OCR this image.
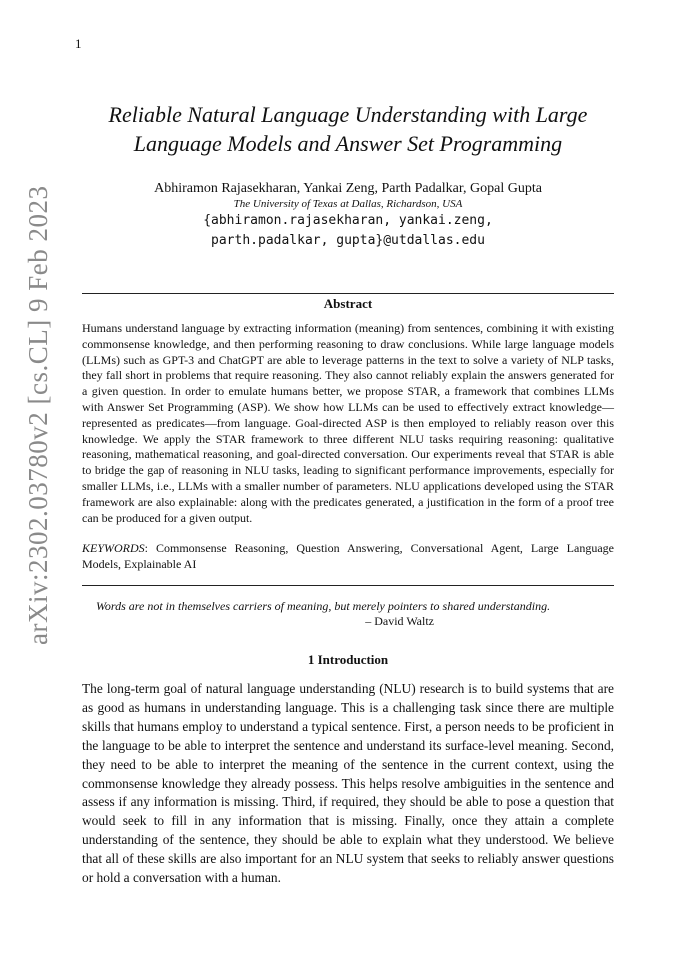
1
arXiv:2302.03780v2 [cs.CL] 9 Feb 2023
Reliable Natural Language Understanding with Large Language Models and Answer Set Programming
Abhiramon Rajasekharan, Yankai Zeng, Parth Padalkar, Gopal Gupta
The University of Texas at Dallas, Richardson, USA
{abhiramon.rajasekharan, yankai.zeng,
parth.padalkar, gupta}@utdallas.edu
Abstract

Humans understand language by extracting information (meaning) from sentences, combining it with existing commonsense knowledge, and then performing reasoning to draw conclusions. While large language models (LLMs) such as GPT-3 and ChatGPT are able to leverage patterns in the text to solve a variety of NLP tasks, they fall short in problems that require reasoning. They also cannot reliably explain the answers generated for a given question. In order to emulate humans better, we propose STAR, a framework that combines LLMs with Answer Set Programming (ASP). We show how LLMs can be used to effectively extract knowledge—represented as predicates—from language. Goal-directed ASP is then employed to reliably reason over this knowledge. We apply the STAR framework to three different NLU tasks requiring reasoning: qualitative reasoning, mathematical reasoning, and goal-directed conversation. Our experiments reveal that STAR is able to bridge the gap of reasoning in NLU tasks, leading to significant performance improvements, especially for smaller LLMs, i.e., LLMs with a smaller number of parameters. NLU applications developed using the STAR framework are also explainable: along with the predicates generated, a justification in the form of a proof tree can be produced for a given output.

KEYWORDS: Commonsense Reasoning, Question Answering, Conversational Agent, Large Language Models, Explainable AI

Words are not in themselves carriers of meaning, but merely pointers to shared understanding.

– David Waltz

1 Introduction

The long-term goal of natural language understanding (NLU) research is to build systems that are as good as humans in understanding language. This is a challenging task since there are multiple skills that humans employ to understand a typical sentence. First, a person needs to be proficient in the language to be able to interpret the sentence and understand its surface-level meaning. Second, they need to be able to interpret the meaning of the sentence in the current context, using the commonsense knowledge they already possess. This helps resolve ambiguities in the sentence and assess if any information is missing. Third, if required, they should be able to pose a question that would seek to fill in any information that is missing. Finally, once they attain a complete understanding of the sentence, they should be able to explain what they understood. We believe that all of these skills are also important for an NLU system that seeks to reliably answer questions or hold a conversation with a human.
